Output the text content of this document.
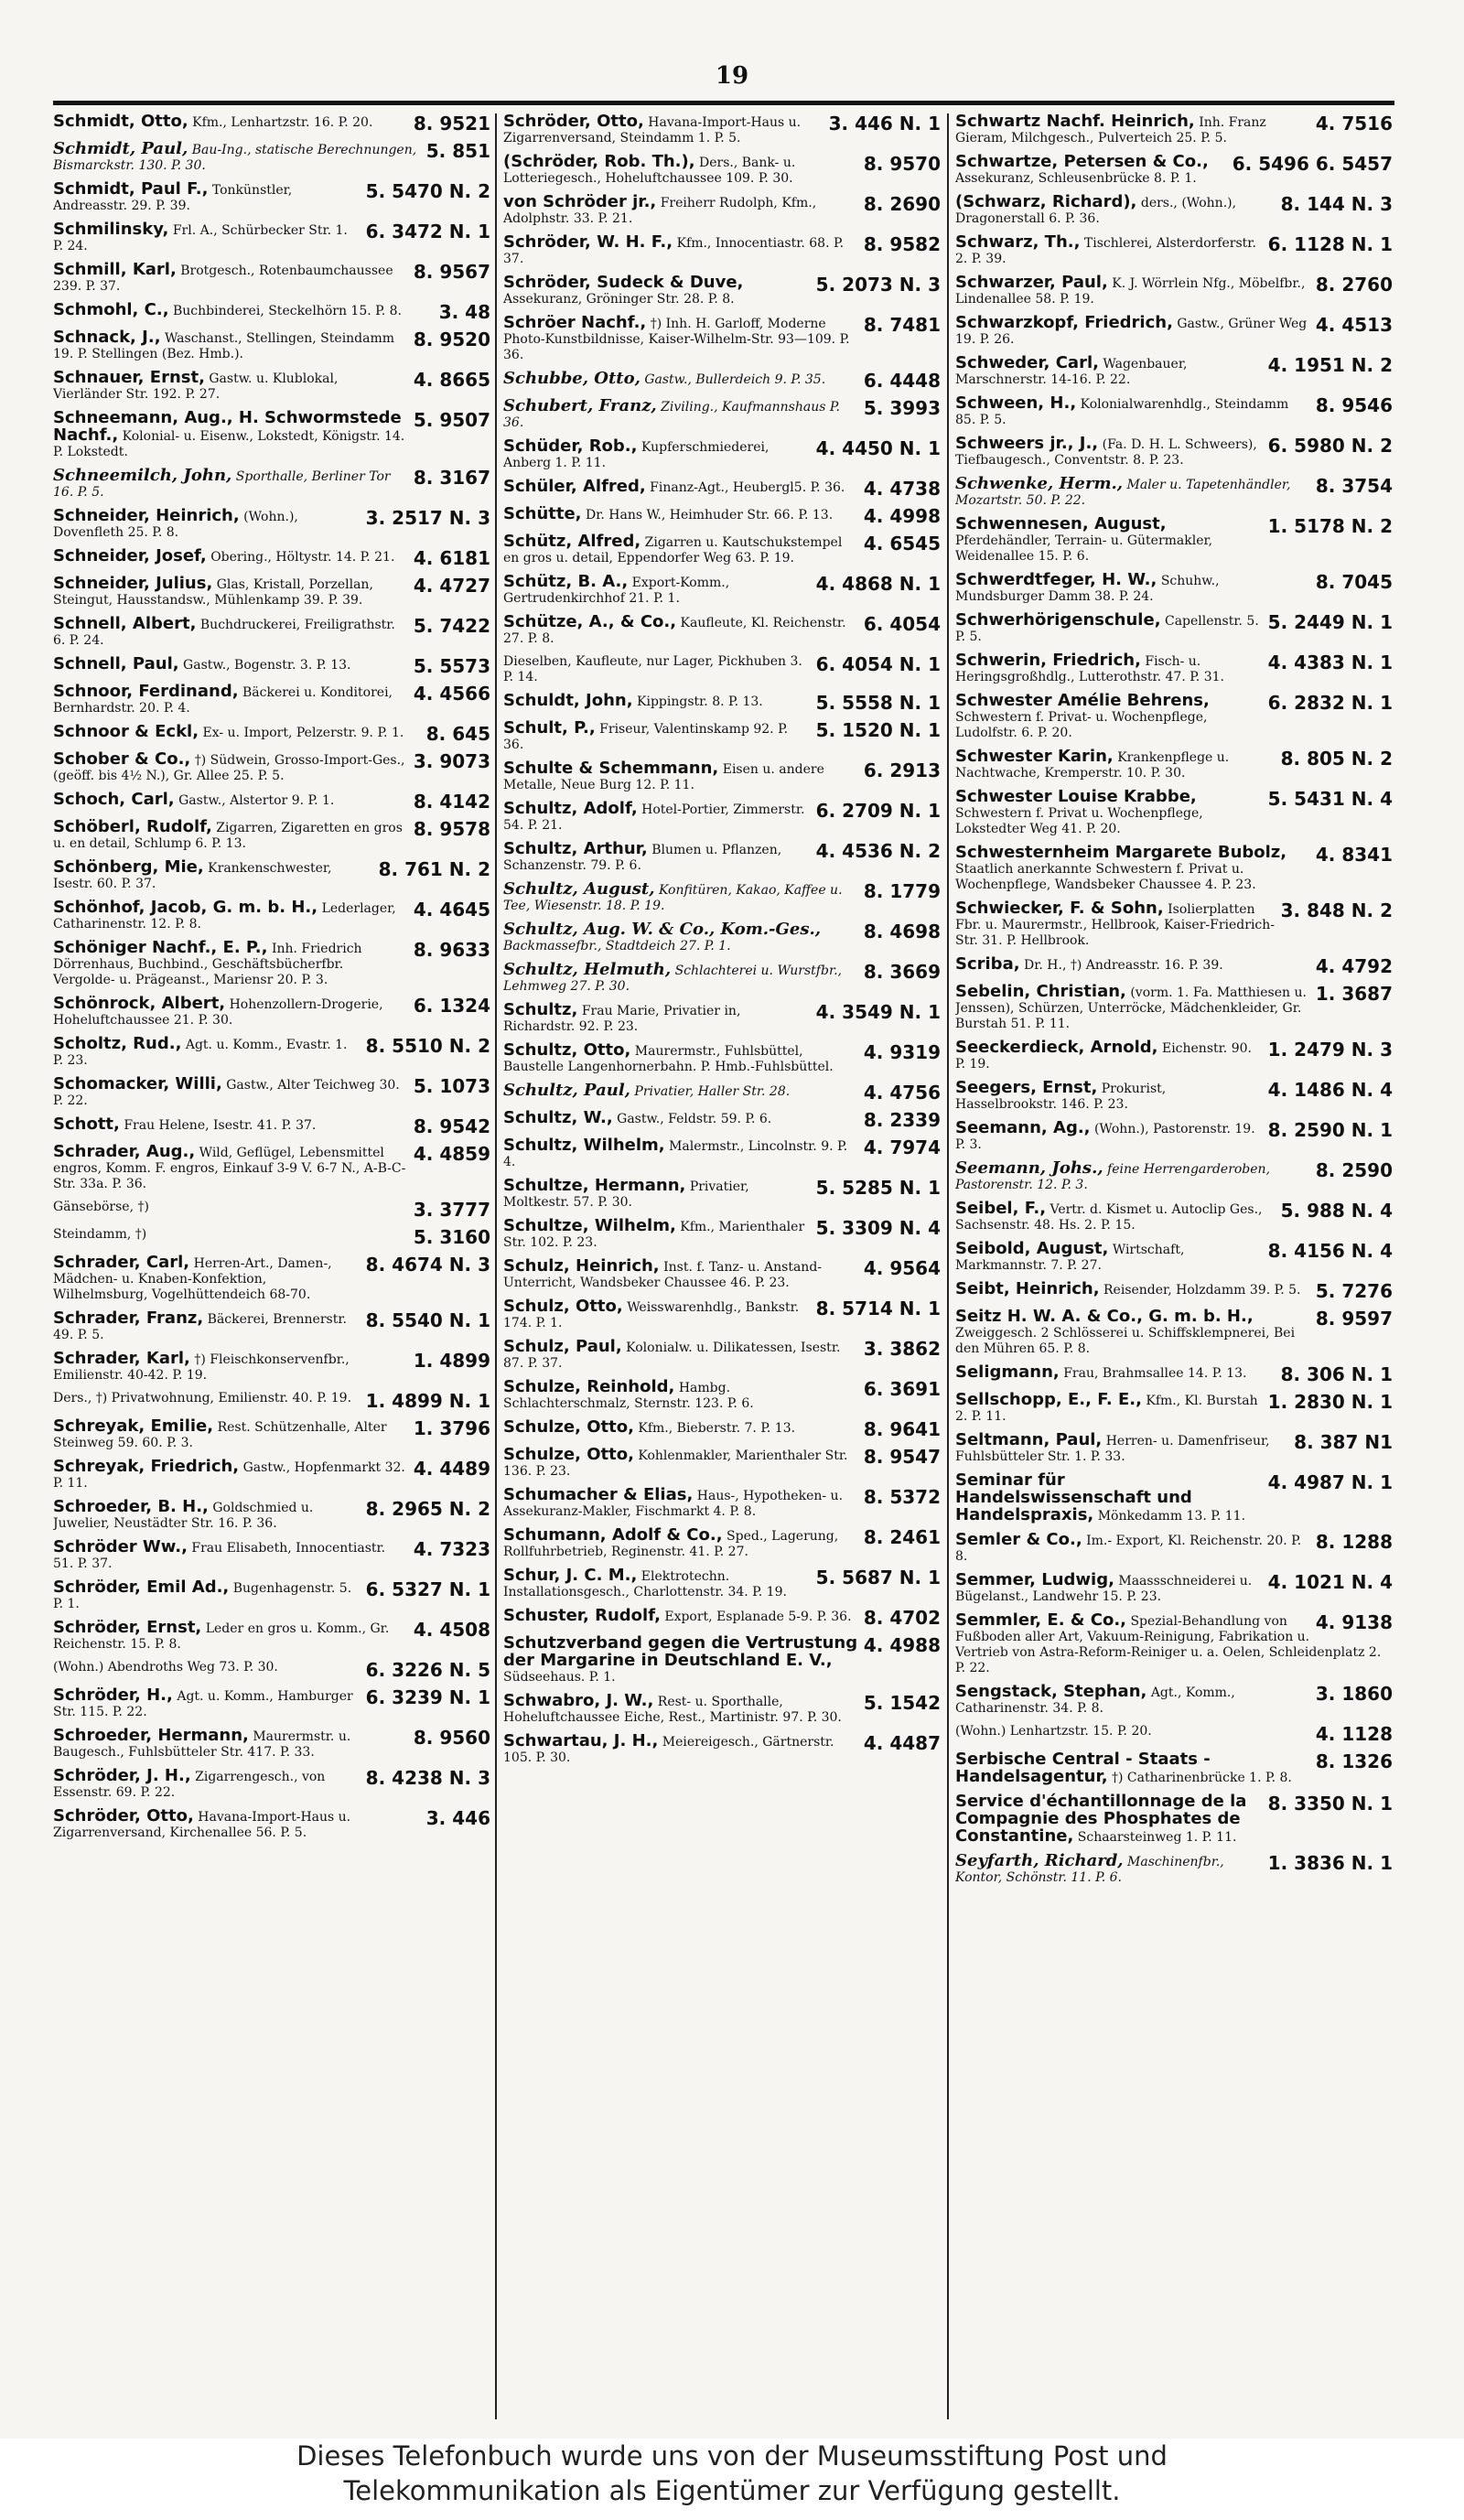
19
8. 9521
Schmidt, Otto, Kfm., Lenhartzstr. 16. P. 20.
5. 851
Schmidt, Paul, Bau-Ing., statische Berechnungen, Bismarckstr. 130. P. 30.
5. 5470 N. 2
Schmidt, Paul F., Tonkünstler, Andreasstr. 29. P. 39.
6. 3472 N. 1
Schmilinsky, Frl. A., Schürbecker Str. 1. P. 24.
8. 9567
Schmill, Karl, Brotgesch., Rotenbaumchaussee 239. P. 37.
3. 48
Schmohl, C., Buchbinderei, Steckelhörn 15. P. 8.
8. 9520
Schnack, J., Waschanst., Stellingen, Steindamm 19. P. Stellingen (Bez. Hmb.).
4. 8665
Schnauer, Ernst, Gastw. u. Klublokal, Vierländer Str. 192. P. 27.
5. 9507
Schneemann, Aug., H. Schwormstede Nachf., Kolonial- u. Eisenw., Lokstedt, Königstr. 14. P. Lokstedt.
8. 3167
Schneemilch, John, Sporthalle, Berliner Tor 16. P. 5.
3. 2517 N. 3
Schneider, Heinrich, (Wohn.), Dovenfleth 25. P. 8.
4. 6181
Schneider, Josef, Obering., Höltystr. 14. P. 21.
4. 4727
Schneider, Julius, Glas, Kristall, Porzellan, Steingut, Hausstandsw., Mühlenkamp 39. P. 39.
5. 7422
Schnell, Albert, Buchdruckerei, Freiligrathstr. 6. P. 24.
5. 5573
Schnell, Paul, Gastw., Bogenstr. 3. P. 13.
4. 4566
Schnoor, Ferdinand, Bäckerei u. Konditorei, Bernhardstr. 20. P. 4.
8. 645
Schnoor & Eckl, Ex- u. Import, Pelzerstr. 9. P. 1.
3. 9073
Schober & Co., †) Südwein, Grosso-Import-Ges., (geöff. bis 4½ N.), Gr. Allee 25. P. 5.
8. 4142
Schoch, Carl, Gastw., Alstertor 9. P. 1.
8. 9578
Schöberl, Rudolf, Zigarren, Zigaretten en gros u. en detail, Schlump 6. P. 13.
8. 761 N. 2
Schönberg, Mie, Krankenschwester, Isestr. 60. P. 37.
4. 4645
Schönhof, Jacob, G. m. b. H., Lederlager, Catharinenstr. 12. P. 8.
8. 9633
Schöniger Nachf., E. P., Inh. Friedrich Dörrenhaus, Buchbind., Geschäftsbücherfbr. Vergolde- u. Prägeanst., Mariensr 20. P. 3.
6. 1324
Schönrock, Albert, Hohenzollern-Drogerie, Hoheluftchaussee 21. P. 30.
8. 5510 N. 2
Scholtz, Rud., Agt. u. Komm., Evastr. 1. P. 23.
5. 1073
Schomacker, Willi, Gastw., Alter Teichweg 30. P. 22.
8. 9542
Schott, Frau Helene, Isestr. 41. P. 37.
4. 4859
Schrader, Aug., Wild, Geflügel, Lebensmittel engros, Komm. F. engros, Einkauf 3-9 V. 6-7 N., A-B-C-Str. 33a. P. 36.
3. 3777
Gänsebörse, †)
5. 3160
Steindamm, †)
8. 4674 N. 3
Schrader, Carl, Herren-Art., Damen-, Mädchen- u. Knaben-Konfektion, Wilhelmsburg, Vogelhüttendeich 68-70.
8. 5540 N. 1
Schrader, Franz, Bäckerei, Brennerstr. 49. P. 5.
1. 4899
Schrader, Karl, †) Fleischkonservenfbr., Emilienstr. 40-42. P. 19.
1. 4899 N. 1
Ders., †) Privatwohnung, Emilienstr. 40. P. 19.
1. 3796
Schreyak, Emilie, Rest. Schützenhalle, Alter Steinweg 59. 60. P. 3.
4. 4489
Schreyak, Friedrich, Gastw., Hopfenmarkt 32. P. 11.
8. 2965 N. 2
Schroeder, B. H., Goldschmied u. Juwelier, Neustädter Str. 16. P. 36.
4. 7323
Schröder Ww., Frau Elisabeth, Innocentiastr. 51. P. 37.
6. 5327 N. 1
Schröder, Emil Ad., Bugenhagenstr. 5. P. 1.
4. 4508
Schröder, Ernst, Leder en gros u. Komm., Gr. Reichenstr. 15. P. 8.
6. 3226 N. 5
(Wohn.) Abendroths Weg 73. P. 30.
6. 3239 N. 1
Schröder, H., Agt. u. Komm., Hamburger Str. 115. P. 22.
8. 9560
Schroeder, Hermann, Maurermstr. u. Baugesch., Fuhlsbütteler Str. 417. P. 33.
8. 4238 N. 3
Schröder, J. H., Zigarrengesch., von Essenstr. 69. P. 22.
3. 446
Schröder, Otto, Havana-Import-Haus u. Zigarrenversand, Kirchenallee 56. P. 5.
3. 446 N. 1
Schröder, Otto, Havana-Import-Haus u. Zigarrenversand, Steindamm 1. P. 5.
8. 9570
(Schröder, Rob. Th.), Ders., Bank- u. Lotteriegesch., Hoheluftchaussee 109. P. 30.
8. 2690
von Schröder jr., Freiherr Rudolph, Kfm., Adolphstr. 33. P. 21.
8. 9582
Schröder, W. H. F., Kfm., Innocentiastr. 68. P. 37.
5. 2073 N. 3
Schröder, Sudeck & Duve, Assekuranz, Gröninger Str. 28. P. 8.
8. 7481
Schröer Nachf., †) Inh. H. Garloff, Moderne Photo-Kunstbildnisse, Kaiser-Wilhelm-Str. 93—109. P. 36.
6. 4448
Schubbe, Otto, Gastw., Bullerdeich 9. P. 35.
5. 3993
Schubert, Franz, Ziviling., Kaufmannshaus P. 36.
4. 4450 N. 1
Schüder, Rob., Kupferschmiederei, Anberg 1. P. 11.
4. 4738
Schüler, Alfred, Finanz-Agt., Heubergl5. P. 36.
4. 4998
Schütte, Dr. Hans W., Heimhuder Str. 66. P. 13.
4. 6545
Schütz, Alfred, Zigarren u. Kautschukstempel en gros u. detail, Eppendorfer Weg 63. P. 19.
4. 4868 N. 1
Schütz, B. A., Export-Komm., Gertrudenkirchhof 21. P. 1.
6. 4054
Schütze, A., & Co., Kaufleute, Kl. Reichenstr. 27. P. 8.
6. 4054 N. 1
Dieselben, Kaufleute, nur Lager, Pickhuben 3. P. 14.
5. 5558 N. 1
Schuldt, John, Kippingstr. 8. P. 13.
5. 1520 N. 1
Schult, P., Friseur, Valentinskamp 92. P. 36.
6. 2913
Schulte & Schemmann, Eisen u. andere Metalle, Neue Burg 12. P. 11.
6. 2709 N. 1
Schultz, Adolf, Hotel-Portier, Zimmerstr. 54. P. 21.
4. 4536 N. 2
Schultz, Arthur, Blumen u. Pflanzen, Schanzenstr. 79. P. 6.
8. 1779
Schultz, August, Konfitüren, Kakao, Kaffee u. Tee, Wiesenstr. 18. P. 19.
8. 4698
Schultz, Aug. W. & Co., Kom.-Ges., Backmassefbr., Stadtdeich 27. P. 1.
8. 3669
Schultz, Helmuth, Schlachterei u. Wurstfbr., Lehmweg 27. P. 30.
4. 3549 N. 1
Schultz, Frau Marie, Privatier in, Richardstr. 92. P. 23.
4. 9319
Schultz, Otto, Maurermstr., Fuhlsbüttel, Baustelle Langenhornerbahn. P. Hmb.-Fuhlsbüttel.
4. 4756
Schultz, Paul, Privatier, Haller Str. 28.
8. 2339
Schultz, W., Gastw., Feldstr. 59. P. 6.
4. 7974
Schultz, Wilhelm, Malermstr., Lincolnstr. 9. P. 4.
5. 5285 N. 1
Schultze, Hermann, Privatier, Moltkestr. 57. P. 30.
5. 3309 N. 4
Schultze, Wilhelm, Kfm., Marienthaler Str. 102. P. 23.
4. 9564
Schulz, Heinrich, Inst. f. Tanz- u. Anstand-Unterricht, Wandsbeker Chaussee 46. P. 23.
8. 5714 N. 1
Schulz, Otto, Weisswarenhdlg., Bankstr. 174. P. 1.
3. 3862
Schulz, Paul, Kolonialw. u. Dilikatessen, Isestr. 87. P. 37.
6. 3691
Schulze, Reinhold, Hambg. Schlachterschmalz, Sternstr. 123. P. 6.
8. 9641
Schulze, Otto, Kfm., Bieberstr. 7. P. 13.
8. 9547
Schulze, Otto, Kohlenmakler, Marienthaler Str. 136. P. 23.
8. 5372
Schumacher & Elias, Haus-, Hypotheken- u. Assekuranz-Makler, Fischmarkt 4. P. 8.
8. 2461
Schumann, Adolf & Co., Sped., Lagerung, Rollfuhrbetrieb, Reginenstr. 41. P. 27.
5. 5687 N. 1
Schur, J. C. M., Elektrotechn. Installationsgesch., Charlottenstr. 34. P. 19.
8. 4702
Schuster, Rudolf, Export, Esplanade 5-9. P. 36.
4. 4988
Schutzverband gegen die Vertrustung der Margarine in Deutschland E. V., Südseehaus. P. 1.
5. 1542
Schwabro, J. W., Rest- u. Sporthalle, Hoheluftchaussee Eiche, Rest., Martinistr. 97. P. 30.
4. 4487
Schwartau, J. H., Meiereigesch., Gärtnerstr. 105. P. 30.
4. 7516
Schwartz Nachf. Heinrich, Inh. Franz Gieram, Milchgesch., Pulverteich 25. P. 5.
6. 5496 6. 5457
Schwartze, Petersen & Co., Assekuranz, Schleusenbrücke 8. P. 1.
8. 144 N. 3
(Schwarz, Richard), ders., (Wohn.), Dragonerstall 6. P. 36.
6. 1128 N. 1
Schwarz, Th., Tischlerei, Alsterdorferstr. 2. P. 39.
8. 2760
Schwarzer, Paul, K. J. Wörrlein Nfg., Möbelfbr., Lindenallee 58. P. 19.
4. 4513
Schwarzkopf, Friedrich, Gastw., Grüner Weg 19. P. 26.
4. 1951 N. 2
Schweder, Carl, Wagenbauer, Marschnerstr. 14-16. P. 22.
8. 9546
Schween, H., Kolonialwarenhdlg., Steindamm 85. P. 5.
6. 5980 N. 2
Schweers jr., J., (Fa. D. H. L. Schweers), Tiefbaugesch., Conventstr. 8. P. 23.
8. 3754
Schwenke, Herm., Maler u. Tapetenhändler, Mozartstr. 50. P. 22.
1. 5178 N. 2
Schwennesen, August, Pferdehändler, Terrain- u. Gütermakler, Weidenallee 15. P. 6.
8. 7045
Schwerdtfeger, H. W., Schuhw., Mundsburger Damm 38. P. 24.
5. 2449 N. 1
Schwerhörigenschule, Capellenstr. 5. P. 5.
4. 4383 N. 1
Schwerin, Friedrich, Fisch- u. Heringsgroßhdlg., Lutterothstr. 47. P. 31.
6. 2832 N. 1
Schwester Amélie Behrens, Schwestern f. Privat- u. Wochenpflege, Ludolfstr. 6. P. 20.
8. 805 N. 2
Schwester Karin, Krankenpflege u. Nachtwache, Kremperstr. 10. P. 30.
5. 5431 N. 4
Schwester Louise Krabbe, Schwestern f. Privat u. Wochenpflege, Lokstedter Weg 41. P. 20.
4. 8341
Schwesternheim Margarete Bubolz, Staatlich anerkannte Schwestern f. Privat u. Wochenpflege, Wandsbeker Chaussee 4. P. 23.
3. 848 N. 2
Schwiecker, F. & Sohn, Isolierplatten Fbr. u. Maurermstr., Hellbrook, Kaiser-Friedrich-Str. 31. P. Hellbrook.
4. 4792
Scriba, Dr. H., †) Andreasstr. 16. P. 39.
1. 3687
Sebelin, Christian, (vorm. 1. Fa. Matthiesen u. Jenssen), Schürzen, Unterröcke, Mädchenkleider, Gr. Burstah 51. P. 11.
1. 2479 N. 3
Seeckerdieck, Arnold, Eichenstr. 90. P. 19.
4. 1486 N. 4
Seegers, Ernst, Prokurist, Hasselbrookstr. 146. P. 23.
8. 2590 N. 1
Seemann, Ag., (Wohn.), Pastorenstr. 19. P. 3.
8. 2590
Seemann, Johs., feine Herrengarderoben, Pastorenstr. 12. P. 3.
5. 988 N. 4
Seibel, F., Vertr. d. Kismet u. Autoclip Ges., Sachsenstr. 48. Hs. 2. P. 15.
8. 4156 N. 4
Seibold, August, Wirtschaft, Markmannstr. 7. P. 27.
5. 7276
Seibt, Heinrich, Reisender, Holzdamm 39. P. 5.
8. 9597
Seitz H. W. A. & Co., G. m. b. H., Zweiggesch. 2 Schlösserei u. Schiffsklempnerei, Bei den Mühren 65. P. 8.
8. 306 N. 1
Seligmann, Frau, Brahmsallee 14. P. 13.
1. 2830 N. 1
Sellschopp, E., F. E., Kfm., Kl. Burstah 2. P. 11.
8. 387 N1
Seltmann, Paul, Herren- u. Damenfriseur, Fuhlsbütteler Str. 1. P. 33.
4. 4987 N. 1
Seminar für Handelswissenschaft und Handelspraxis, Mönkedamm 13. P. 11.
8. 1288
Semler & Co., Im.- Export, Kl. Reichenstr. 20. P. 8.
4. 1021 N. 4
Semmer, Ludwig, Maassschneiderei u. Bügelanst., Landwehr 15. P. 23.
4. 9138
Semmler, E. & Co., Spezial-Behandlung von Fußboden aller Art, Vakuum-Reinigung, Fabrikation u. Vertrieb von Astra-Reform-Reiniger u. a. Oelen, Schleidenplatz 2. P. 22.
3. 1860
Sengstack, Stephan, Agt., Komm., Catharinenstr. 34. P. 8.
4. 1128
(Wohn.) Lenhartzstr. 15. P. 20.
8. 1326
Serbische Central - Staats - Handelsagentur, †) Catharinenbrücke 1. P. 8.
8. 3350 N. 1
Service d'échantillonnage de la Compagnie des Phosphates de Constantine, Schaarsteinweg 1. P. 11.
1. 3836 N. 1
Seyfarth, Richard, Maschinenfbr., Kontor, Schönstr. 11. P. 6.
Dieses Telefonbuch wurde uns von der Museumsstiftung Post und
Telekommunikation als Eigentümer zur Verfügung gestellt.
